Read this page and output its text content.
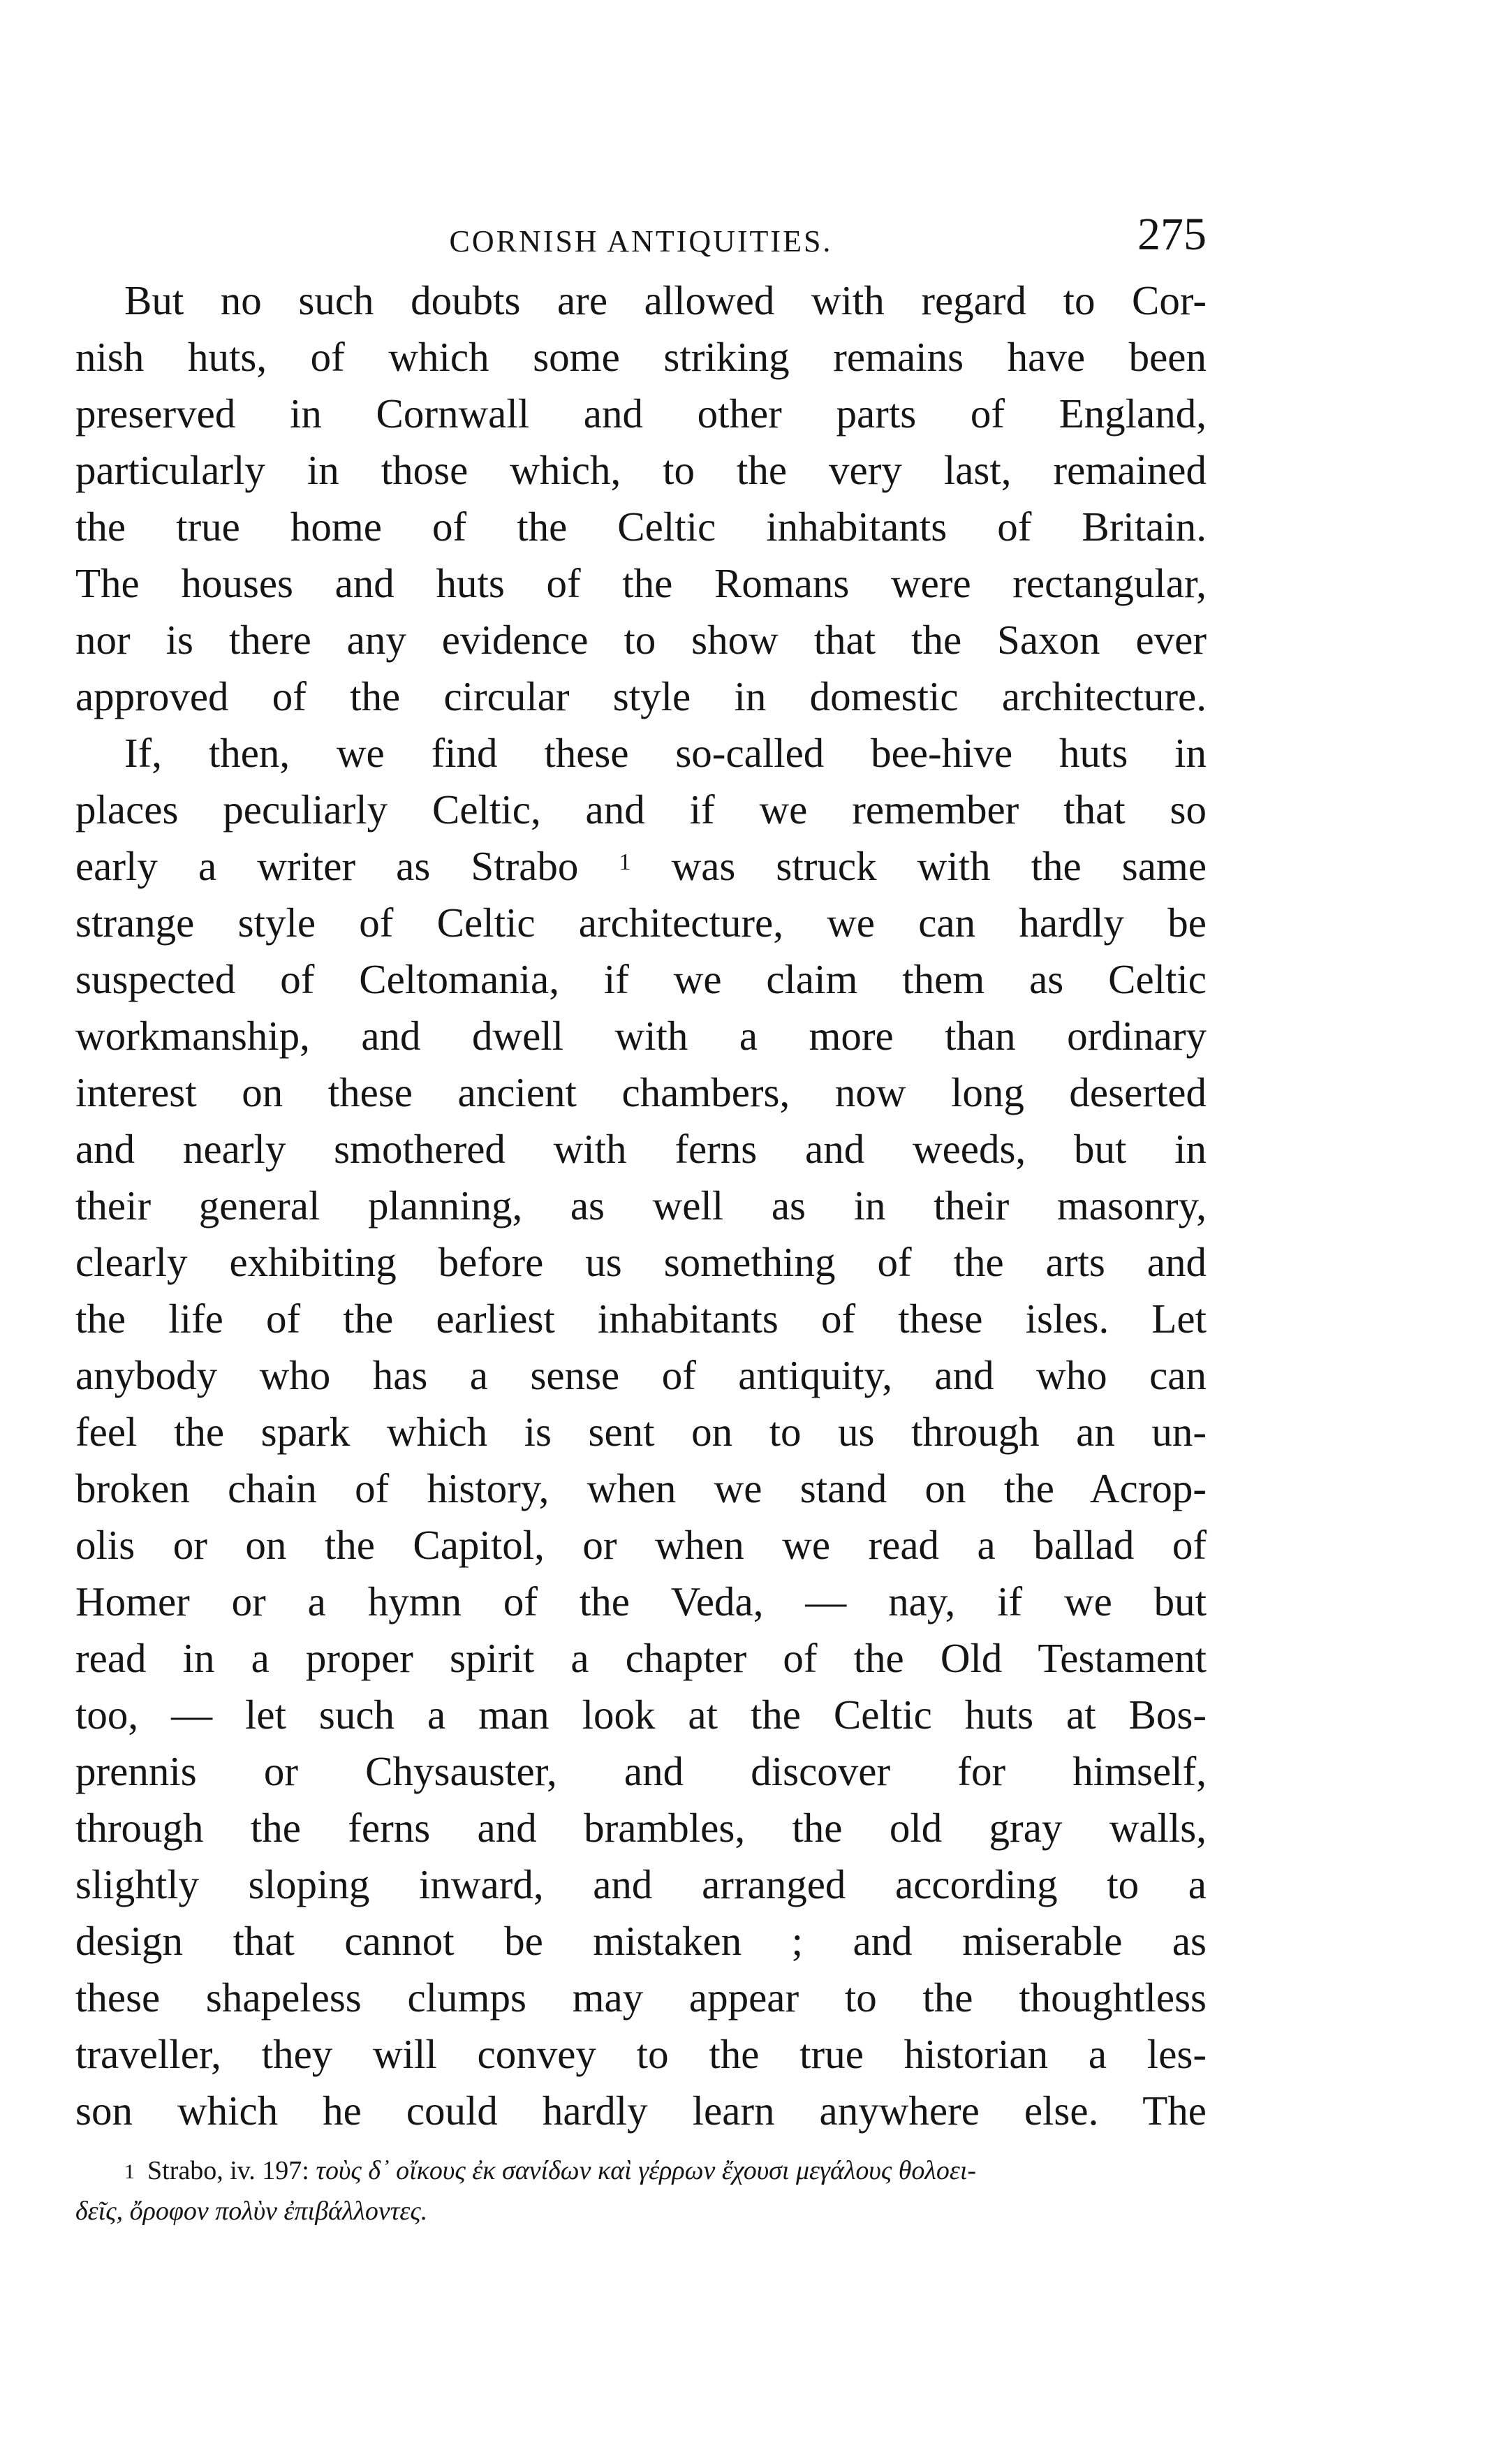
CORNISH ANTIQUITIES.	275
But no such doubts are allowed with regard to Cor-
nish huts, of which some striking remains have been
preserved in Cornwall and other parts of England,
particularly in those which, to the very last, remained
the true home of the Celtic inhabitants of Britain.
The houses and huts of the Romans were rectangular,
nor is there any evidence to show that the Saxon ever
approved of the circular style in domestic architecture.
If, then, we find these so-called bee-hive huts in
places peculiarly Celtic, and if we remember that so
early a writer as Strabo $^1$ was struck with the same
strange style of Celtic architecture, we can hardly be
suspected of Celtomania, if we claim them as Celtic
workmanship, and dwell with a more than ordinary
interest on these ancient chambers, now long deserted
and nearly smothered with ferns and weeds, but in
their general planning, as well as in their masonry,
clearly exhibiting before us something of the arts and
the life of the earliest inhabitants of these isles. Let
anybody who has a sense of antiquity, and who can
feel the spark which is sent on to us through an un-
broken chain of history, when we stand on the Acrop-
olis or on the Capitol, or when we read a ballad of
Homer or a hymn of the Veda, — nay, if we but
read in a proper spirit a chapter of the Old Testament
too, — let such a man look at the Celtic huts at Bos-
prennis or Chysauster, and discover for himself,
through the ferns and brambles, the old gray walls,
slightly sloping inward, and arranged according to a
design that cannot be mistaken ; and miserable as
these shapeless clumps may appear to the thoughtless
traveller, they will convey to the true historian a les-
son which he could hardly learn anywhere else. The
$^1$ Strabo, iv. 197: τοὺς δ᾽ οἴκους ἐκ σανίδων καὶ γέρρων ἔχουσι μεγάλους θολοει-
δεῖς, ὄροφον πολὺν ἐπιβάλλοντες.
